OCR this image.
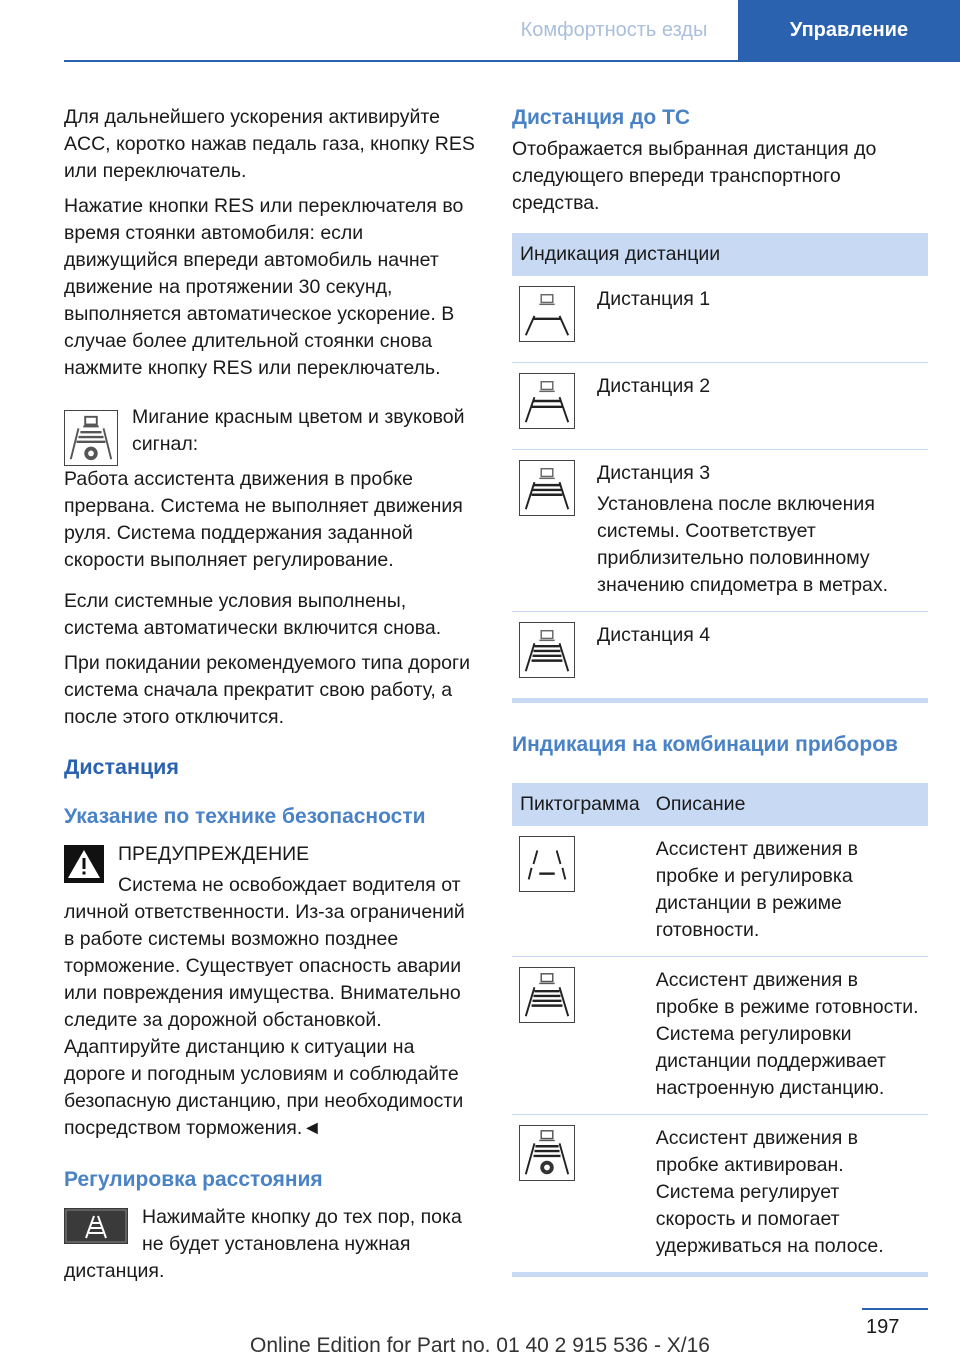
Комфортность езды	Управление

Для дальнейшего ускорения активируйте ACC, коротко нажав педаль газа, кнопку RES или переключатель.

Нажатие кнопки RES или переключателя во время стоянки автомобиля: если движущийся впереди автомобиль начнет движение на протяжении 30 секунд, выполняется автоматическое ускорение. В случае более длительной стоянки снова нажмите кнопку RES или переключатель.

Мигание красным цветом и звуковой сигнал:

Работа ассистента движения в пробке прервана. Система не выполняет движения руля. Система поддержания заданной скорости выполняет регулирование.

Если системные условия выполнены, система автоматически включится снова.

При покидании рекомендуемого типа дороги система сначала прекратит свою работу, а после этого отключится.

Дистанция
Указание по технике безопасности

ПРЕДУПРЕЖДЕНИЕ

Система не освобождает водителя от личной ответственности. Из-за ограничений в работе системы возможно позднее торможение. Существует опасность аварии или повреждения имущества. Внимательно следите за дорожной обстановкой. Адаптируйте дистанцию к ситуации на дороге и погодным условиям и соблюдайте безопасную дистанцию, при необходимости посредством торможения.◄

Регулировка расстояния

Нажимайте кнопку до тех пор, пока не будет установлена нужная дистанция.

Дистанция до ТС

Отображается выбранная дистанция до следующего впереди транспортного средства.

Индикация дистанции	

Дистанция 1

Дистанция 2

Дистанция 3
Установлена после включения системы. Соответствует приблизительно половинному значению спидометра в метрах.

Дистанция 4
Индикация на комбинации приборов
Пиктограмма	Описание

Ассистент движения в пробке и регулировка дистанции в режиме готовности.

Ассистент движения в пробке в режиме готовности. Система регулировки дистанции поддерживает настроенную дистанцию.

Ассистент движения в пробке активирован. Система регулирует скорость и помогает удерживаться на полосе.
197
Online Edition for Part no. 01 40 2 915 536 - X/16
